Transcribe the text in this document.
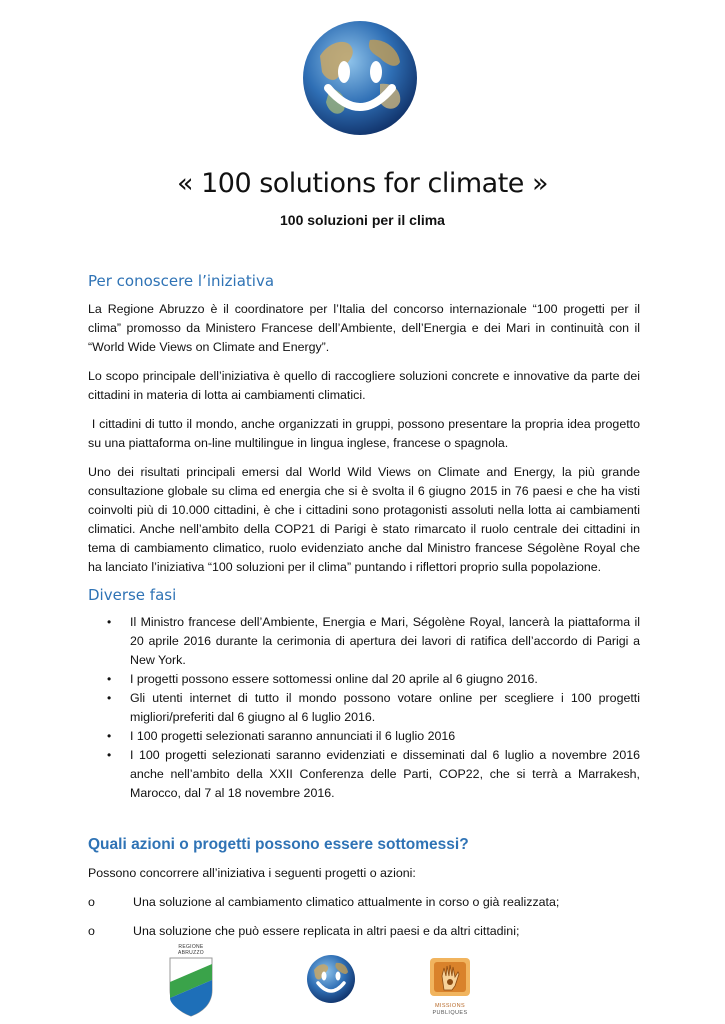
« 100 solutions for climate »
100 soluzioni per il clima
Per conoscere l’iniziativa

La Regione Abruzzo è il coordinatore per l’Italia del concorso internazionale “100 progetti per il clima” promosso da Ministero Francese dell’Ambiente, dell’Energia e dei Mari in continuità con il “World Wide Views on Climate and Energy”.

Lo scopo principale dell’iniziativa è quello di raccogliere soluzioni concrete e innovative da parte dei cittadini in materia di lotta ai cambiamenti climatici.

I cittadini di tutto il mondo, anche organizzati in gruppi, possono presentare la propria idea progetto su una piattaforma on-line multilingue in lingua inglese, francese o spagnola.

Uno dei risultati principali emersi dal World Wild Views on Climate and Energy, la più grande consultazione globale su clima ed energia che si è svolta il 6 giugno 2015 in 76 paesi e che ha visti coinvolti più di 10.000 cittadini, è che i cittadini sono protagonisti assoluti nella lotta ai cambiamenti climatici. Anche nell’ambito della COP21 di Parigi è stato rimarcato il ruolo centrale dei cittadini in tema di cambiamento climatico, ruolo evidenziato anche dal Ministro francese Ségolène Royal che ha lanciato l’iniziativa “100 soluzioni per il clima” puntando i riflettori proprio sulla popolazione.

Diverse fasi
• Il Ministro francese dell’Ambiente, Energia e Mari, Ségolène Royal, lancerà la piattaforma il 20 aprile 2016 durante la cerimonia di apertura dei lavori di ratifica dell’accordo di Parigi a New York.
• I progetti possono essere sottomessi online dal 20 aprile al 6 giugno 2016.
• Gli utenti internet di tutto il mondo possono votare online per scegliere i 100 progetti migliori/preferiti dal 6 giugno al 6 luglio 2016.
• I 100 progetti selezionati saranno annunciati il 6 luglio 2016
• I 100 progetti selezionati saranno evidenziati e disseminati dal 6 luglio a novembre 2016 anche nell’ambito della XXII Conferenza delle Parti, COP22, che si terrà a Marrakesh, Marocco, dal 7 al 18 novembre 2016.
Quali azioni o progetti possono essere sottomessi?

Possono concorrere all’iniziativa i seguenti progetti o azioni:

o	Una soluzione al cambiamento climatico attualmente in corso o già realizzata;
o	Una soluzione che può essere replicata in altri paesi e da altri cittadini;
REGIONE
ABRUZZO
MISSIONS
PUBLIQUES
